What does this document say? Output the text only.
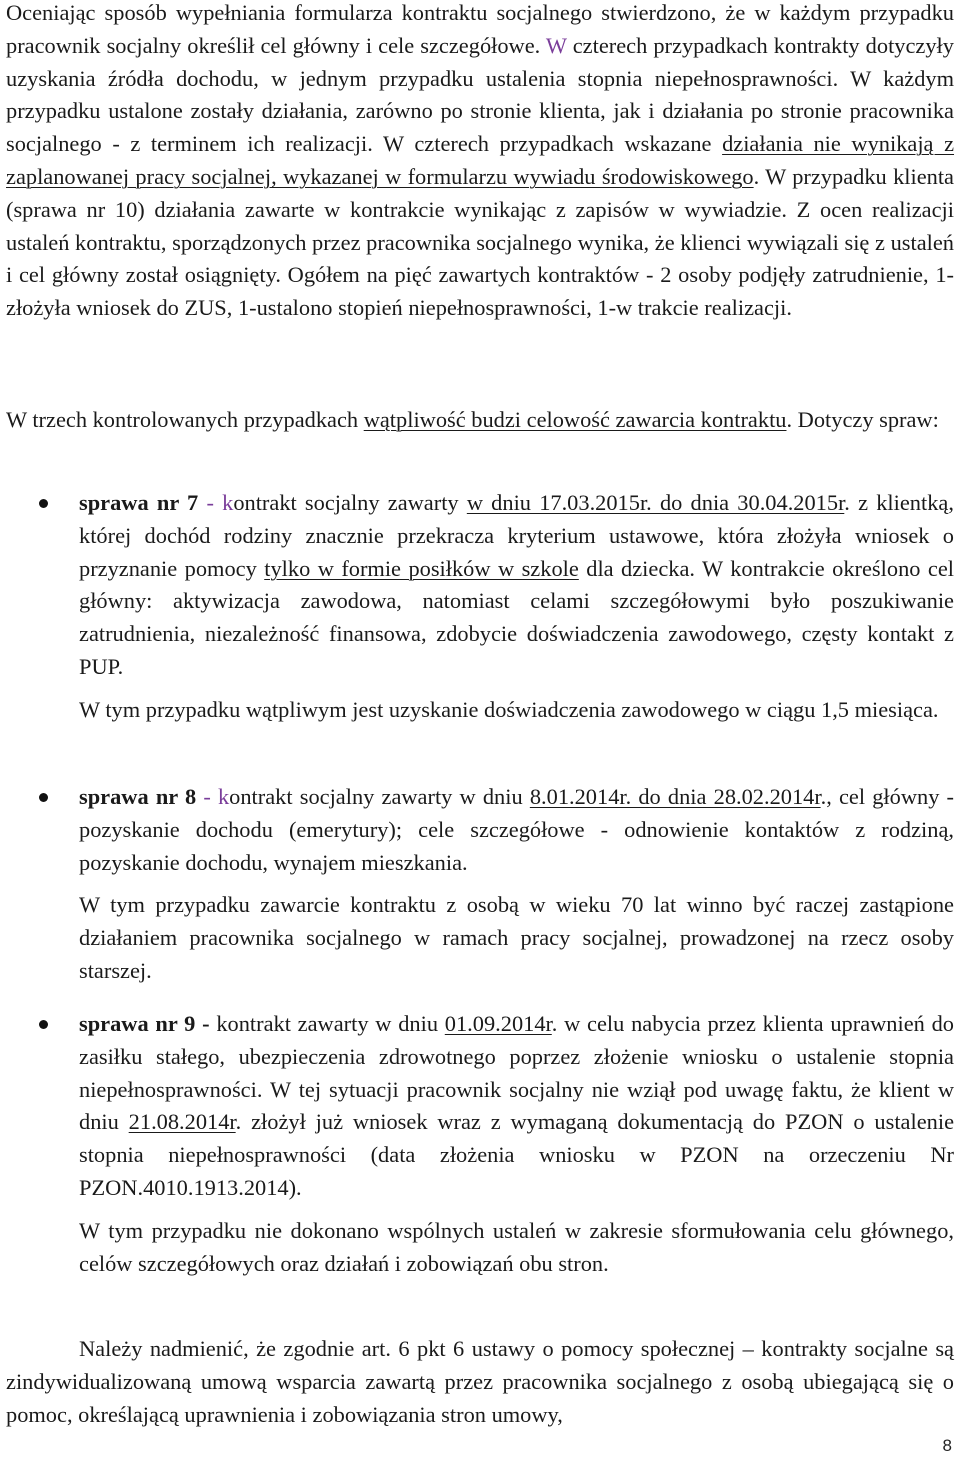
Oceniając sposób wypełniania formularza kontraktu socjalnego stwierdzono, że w każdym przypadku pracownik socjalny określił cel główny i cele szczegółowe. W czterech przypadkach kontrakty dotyczyły uzyskania źródła dochodu, w jednym przypadku ustalenia stopnia niepełnosprawności. W każdym przypadku ustalone zostały działania, zarówno po stronie klienta, jak i działania po stronie pracownika socjalnego - z terminem ich realizacji. W czterech przypadkach wskazane działania nie wynikają z zaplanowanej pracy socjalnej, wykazanej w formularzu wywiadu środowiskowego. W przypadku klienta (sprawa nr 10) działania zawarte w kontrakcie wynikając z zapisów w wywiadzie. Z ocen realizacji ustaleń kontraktu, sporządzonych przez pracownika socjalnego wynika, że klienci wywiązali się z ustaleń i cel główny został osiągnięty. Ogółem na pięć zawartych kontraktów - 2 osoby podjęły zatrudnienie, 1-złożyła wniosek do ZUS, 1-ustalono stopień niepełnosprawności, 1-w trakcie realizacji.

W trzech kontrolowanych przypadkach wątpliwość budzi celowość zawarcia kontraktu. Dotyczy spraw:

sprawa nr 7 - kontrakt socjalny zawarty w dniu 17.03.2015r. do dnia 30.04.2015r. z klientką, której dochód rodziny znacznie przekracza kryterium ustawowe, która złożyła wniosek o przyznanie pomocy tylko w formie posiłków w szkole dla dziecka. W kontrakcie określono cel główny: aktywizacja zawodowa, natomiast celami szczegółowymi było poszukiwanie zatrudnienia, niezależność finansowa, zdobycie doświadczenia zawodowego, częsty kontakt z PUP.

W tym przypadku wątpliwym jest uzyskanie doświadczenia zawodowego w ciągu 1,5 miesiąca.

sprawa nr 8 - kontrakt socjalny zawarty w dniu 8.01.2014r. do dnia 28.02.2014r., cel główny - pozyskanie dochodu (emerytury); cele szczegółowe - odnowienie kontaktów z rodziną, pozyskanie dochodu, wynajem mieszkania.

W tym przypadku zawarcie kontraktu z osobą w wieku 70 lat winno być raczej zastąpione działaniem pracownika socjalnego w ramach pracy socjalnej, prowadzonej na rzecz osoby starszej.

sprawa nr 9 - kontrakt zawarty w dniu 01.09.2014r. w celu nabycia przez klienta uprawnień do zasiłku stałego, ubezpieczenia zdrowotnego poprzez złożenie wniosku o ustalenie stopnia niepełnosprawności. W tej sytuacji pracownik socjalny nie wziął pod uwagę faktu, że klient w dniu 21.08.2014r. złożył już wniosek wraz z wymaganą dokumentacją do PZON o ustalenie stopnia niepełnosprawności (data złożenia wniosku w PZON na orzeczeniu Nr PZON.4010.1913.2014).

W tym przypadku nie dokonano wspólnych ustaleń w zakresie sformułowania celu głównego, celów szczegółowych oraz działań i zobowiązań obu stron.

Należy nadmienić, że zgodnie art. 6 pkt 6 ustawy o pomocy społecznej – kontrakty socjalne są zindywidualizowaną umową wsparcia zawartą przez pracownika socjalnego z osobą ubiegającą się o pomoc, określającą uprawnienia i zobowiązania stron umowy,

8
